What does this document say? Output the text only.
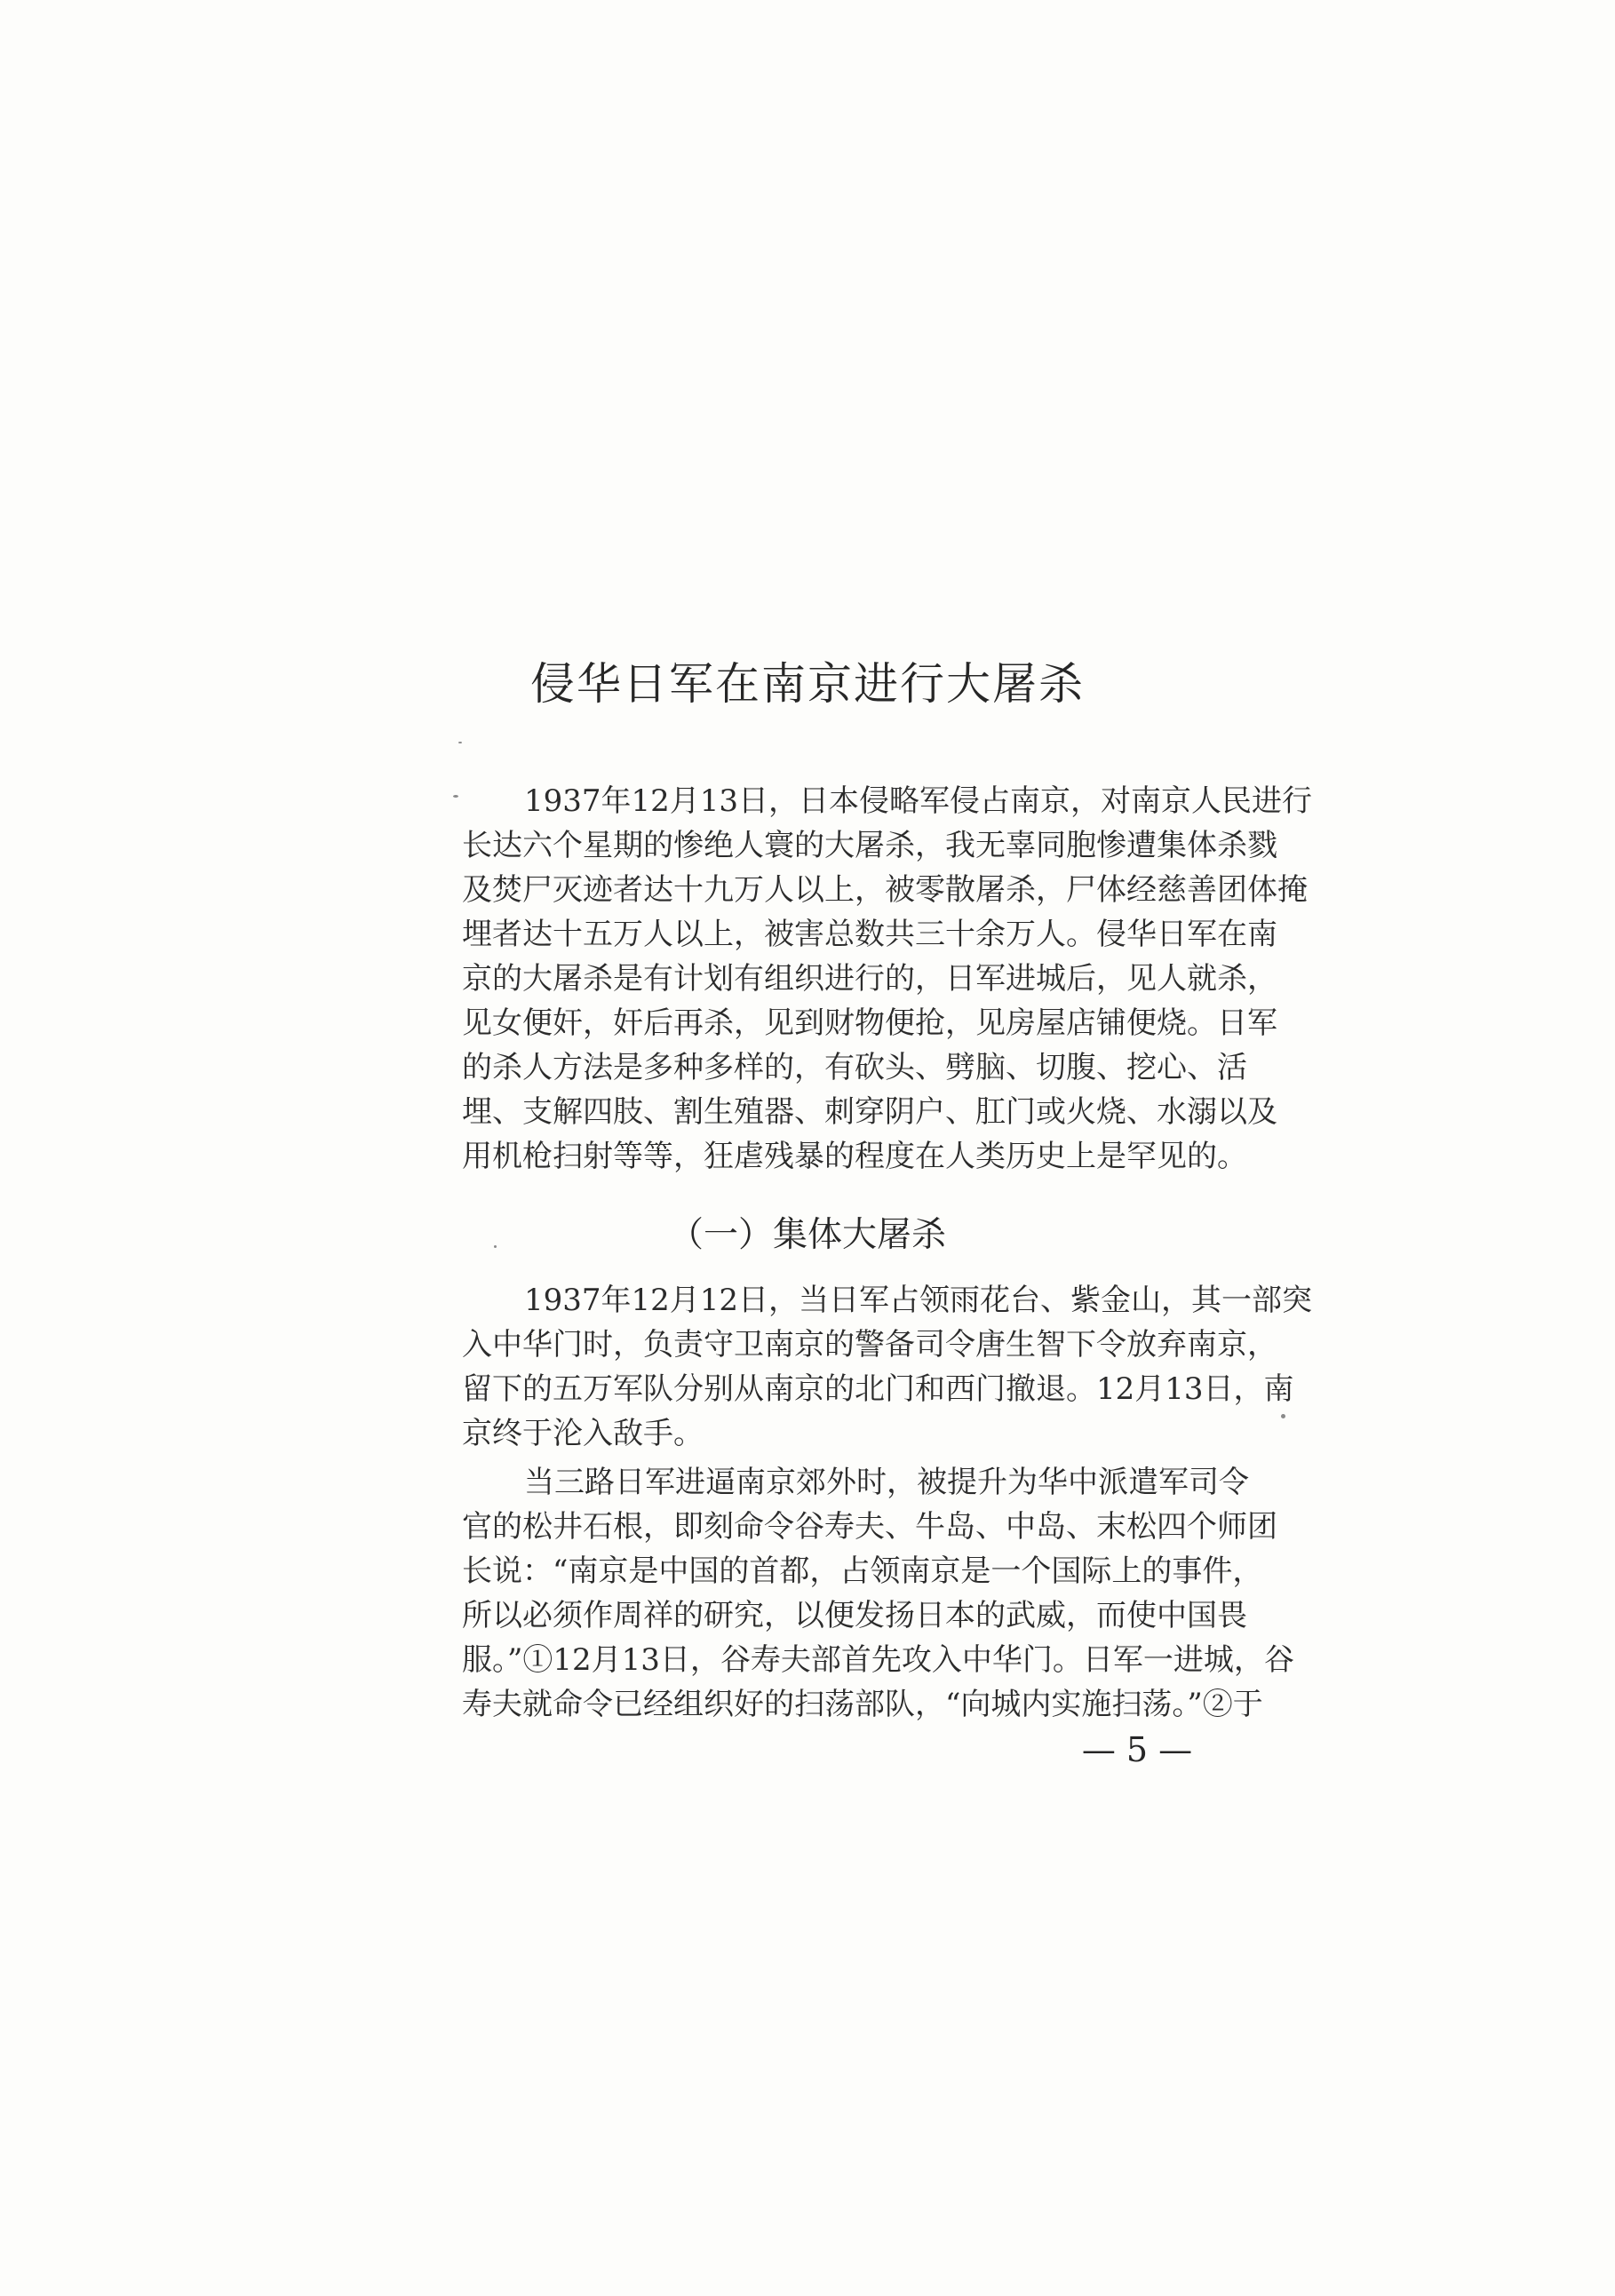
侵华日军在南京进行大屠杀
1937年12月13日，日本侵略军侵占南京，对南京人民进行
长达六个星期的惨绝人寰的大屠杀，我无辜同胞惨遭集体杀戮
及焚尸灭迹者达十九万人以上，被零散屠杀，尸体经慈善团体掩
埋者达十五万人以上，被害总数共三十余万人。侵华日军在南
京的大屠杀是有计划有组织进行的，日军进城后，见人就杀，
见女便奸，奸后再杀，见到财物便抢，见房屋店铺便烧。日军
的杀人方法是多种多样的，有砍头、劈脑、切腹、挖心、活
埋、支解四肢、割生殖器、刺穿阴户、肛门或火烧、水溺以及
用机枪扫射等等，狂虐残暴的程度在人类历史上是罕见的。
（一）集体大屠杀
1937年12月12日，当日军占领雨花台、紫金山，其一部突
入中华门时，负责守卫南京的警备司令唐生智下令放弃南京，
留下的五万军队分别从南京的北门和西门撤退。12月13日，南
京终于沦入敌手。
当三路日军进逼南京郊外时，被提升为华中派遣军司令
官的松井石根，即刻命令谷寿夫、牛岛、中岛、末松四个师团
长说：“南京是中国的首都，占领南京是一个国际上的事件，
所以必须作周祥的研究，以便发扬日本的武威，而使中国畏
服。”①12月13日，谷寿夫部首先攻入中华门。日军一进城，谷
寿夫就命令已经组织好的扫荡部队，“向城内实施扫荡。”②于
— 5 —
